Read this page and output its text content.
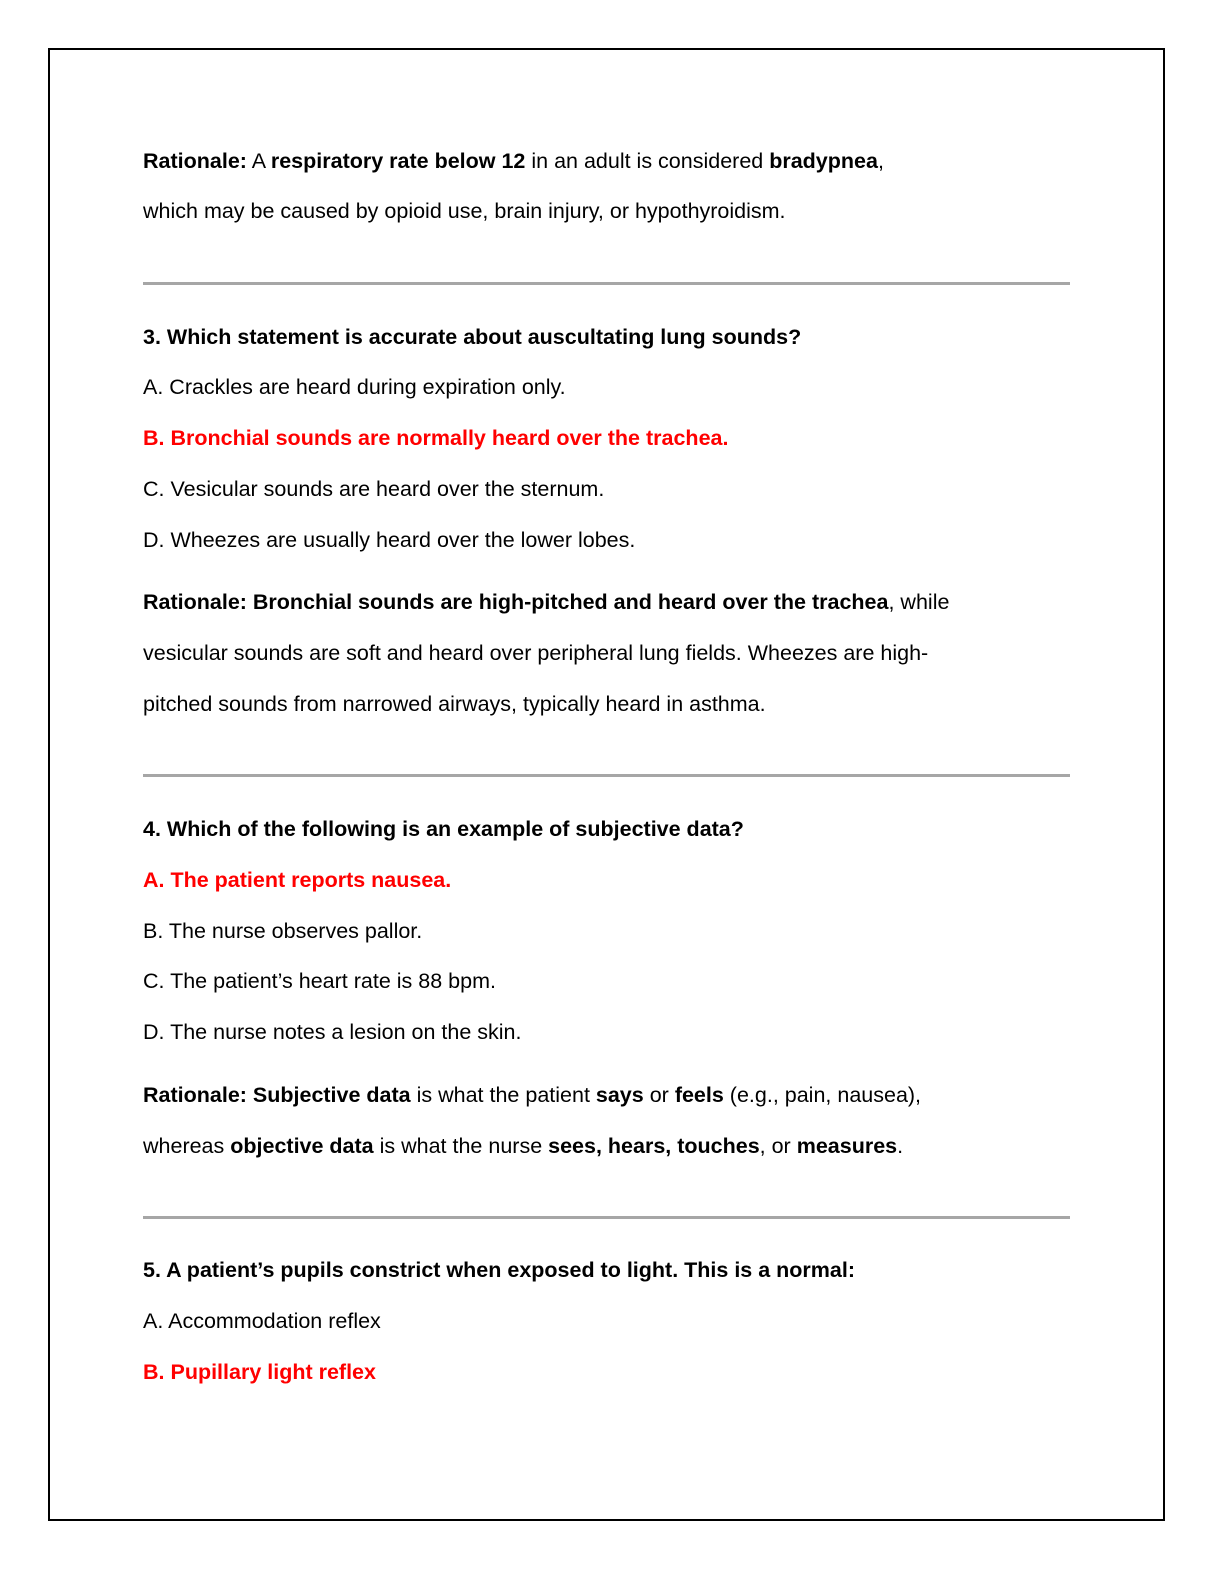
Rationale: A respiratory rate below 12 in an adult is considered bradypnea,
which may be caused by opioid use, brain injury, or hypothyroidism.
3. Which statement is accurate about auscultating lung sounds?
A. Crackles are heard during expiration only.
B. Bronchial sounds are normally heard over the trachea.
C. Vesicular sounds are heard over the sternum.
D. Wheezes are usually heard over the lower lobes.
Rationale: Bronchial sounds are high-pitched and heard over the trachea, while
vesicular sounds are soft and heard over peripheral lung fields. Wheezes are high-
pitched sounds from narrowed airways, typically heard in asthma.
4. Which of the following is an example of subjective data?
A. The patient reports nausea.
B. The nurse observes pallor.
C. The patient’s heart rate is 88 bpm.
D. The nurse notes a lesion on the skin.
Rationale: Subjective data is what the patient says or feels (e.g., pain, nausea),
whereas objective data is what the nurse sees, hears, touches, or measures.
5. A patient’s pupils constrict when exposed to light. This is a normal:
A. Accommodation reflex
B. Pupillary light reflex
